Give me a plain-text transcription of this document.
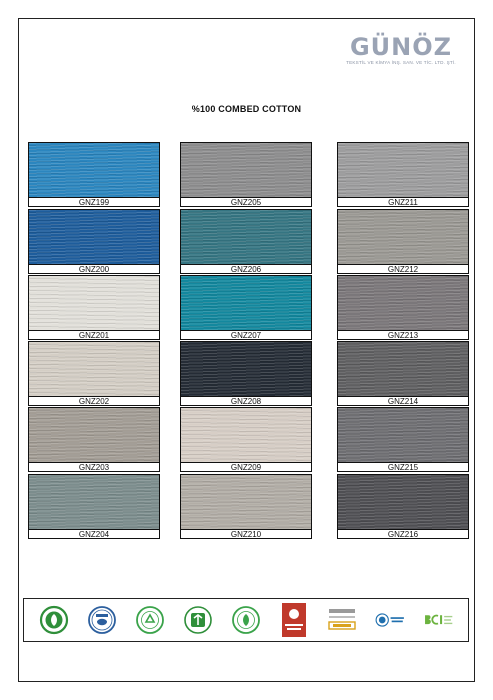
GÜNÖZ
TEKSTİL VE KİMYA İNŞ. SAN. VE TİC. LTD. ŞTİ.
%100 COMBED COTTON
GNZ199
GNZ200
GNZ201
GNZ202
GNZ203
GNZ204
GNZ205
GNZ206
GNZ207
GNZ208
GNZ209
GNZ210
GNZ211
GNZ212
GNZ213
GNZ214
GNZ215
GNZ216
